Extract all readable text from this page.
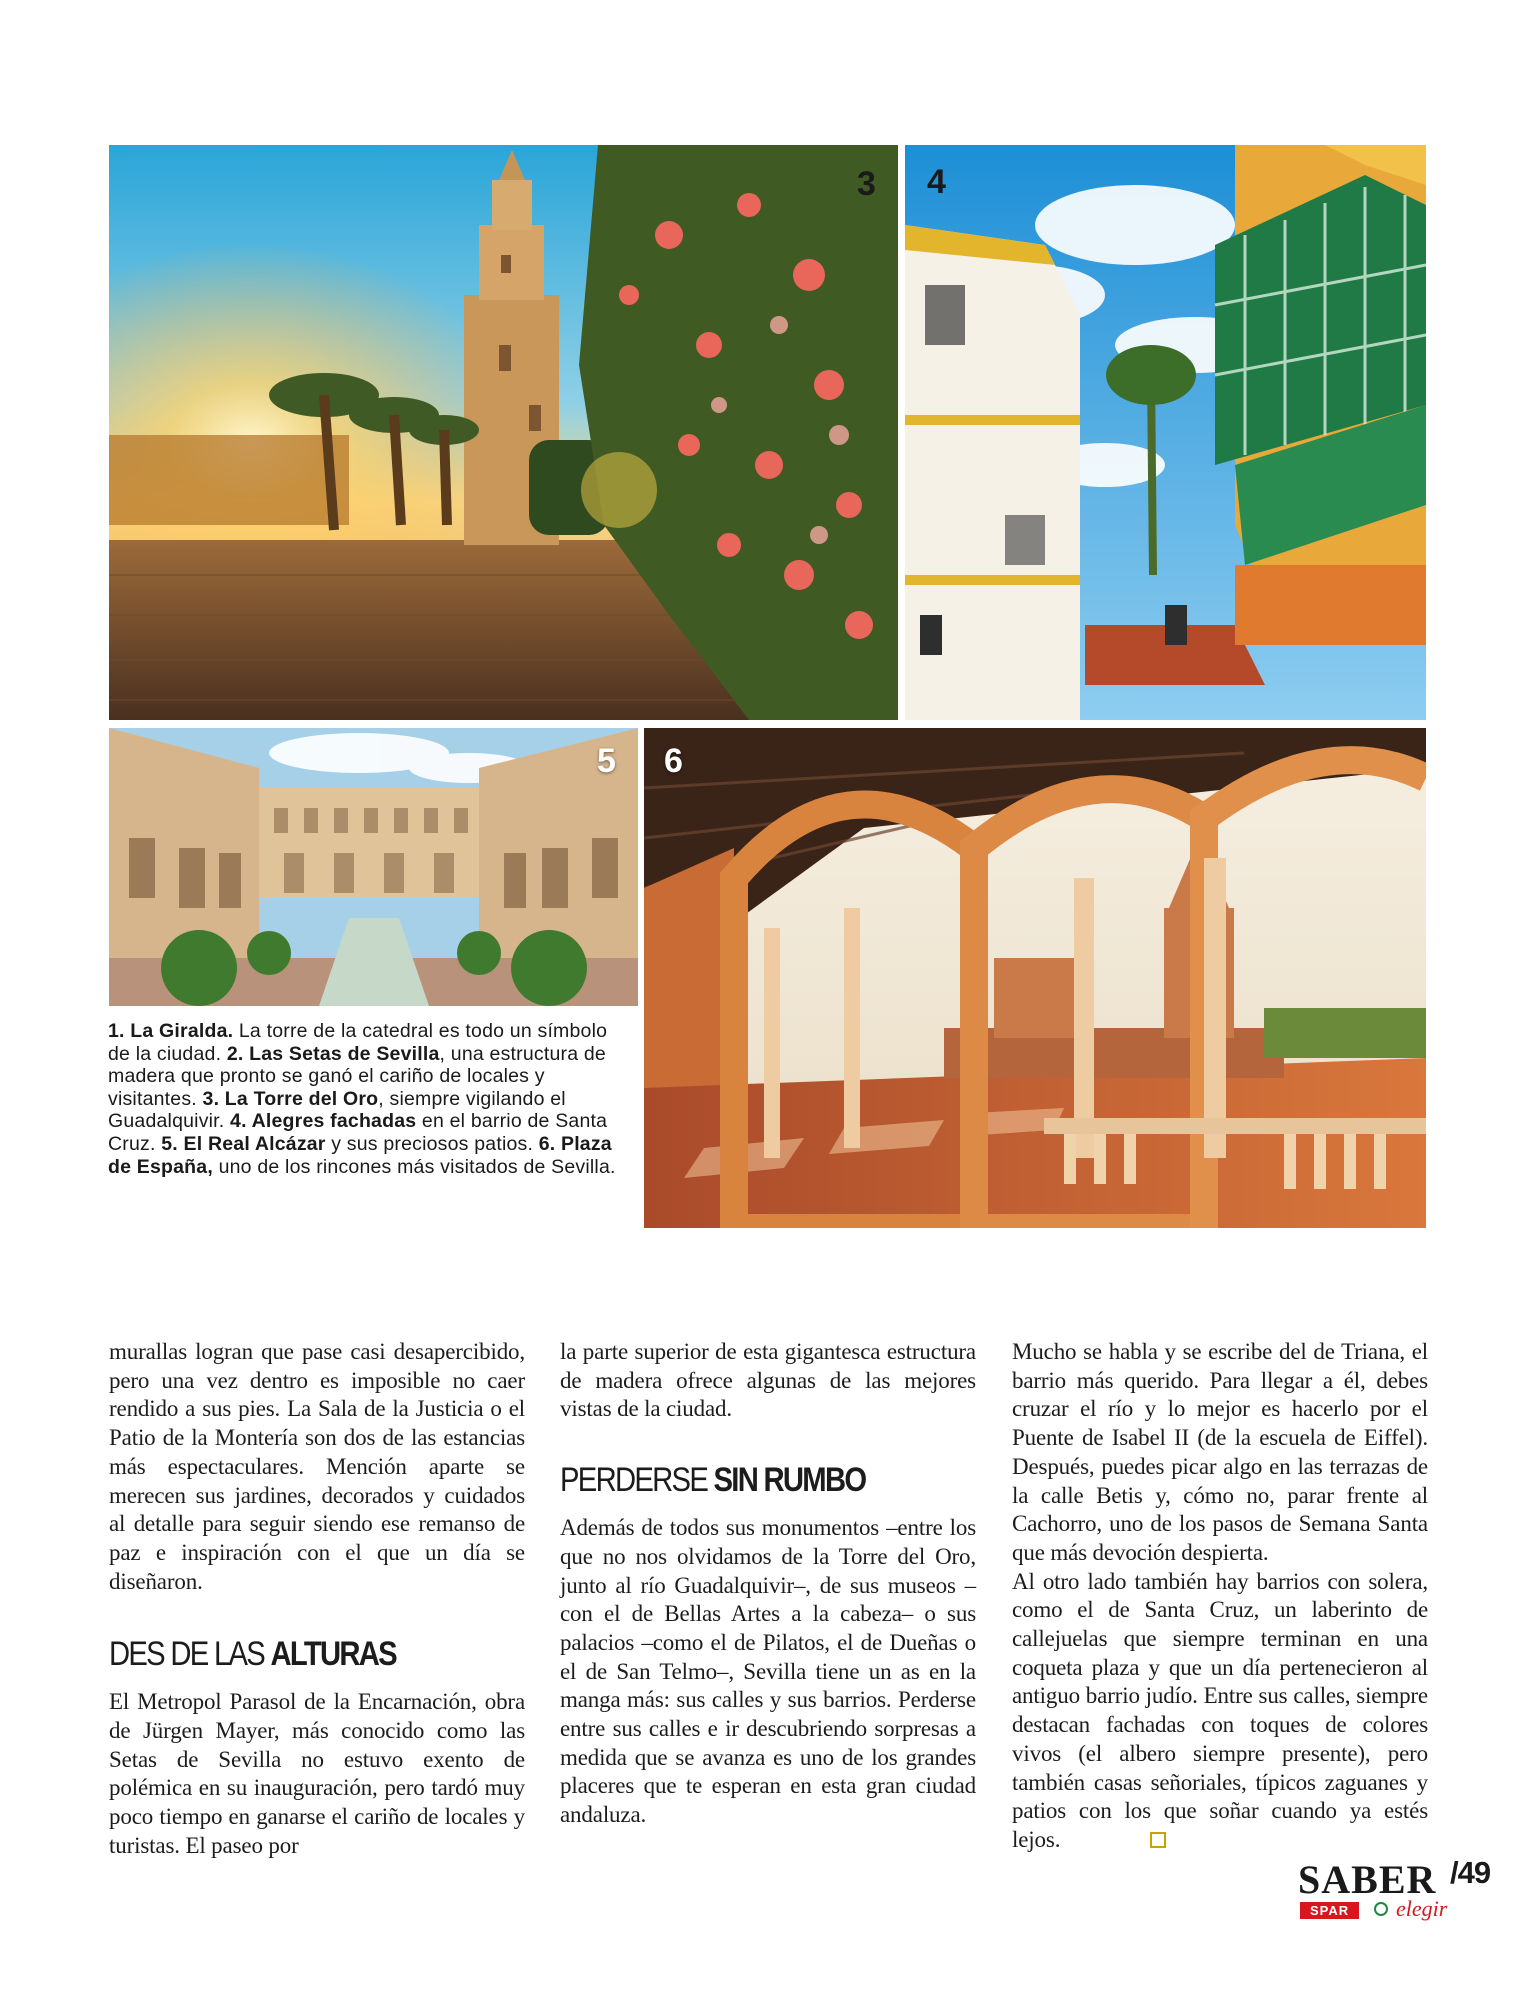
3 4
5 6
1. La Giralda. La torre de la catedral es todo un símbolo de la ciudad. 2. Las Setas de Sevilla, una estructura de madera que pronto se ganó el cariño de locales y visitantes. 3. La Torre del Oro, siempre vigilando el Guadalquivir. 4. Alegres fachadas en el barrio de Santa Cruz. 5. El Real Alcázar y sus preciosos patios. 6. Plaza de España, uno de los rincones más visitados de Sevilla.

murallas logran que pase casi desapercibido, pero una vez dentro es imposible no caer rendido a sus pies. La Sala de la Justicia o el Patio de la Montería son dos de las estancias más espectaculares. Mención aparte se merecen sus jardines, decorados y cuidados al detalle para seguir siendo ese remanso de paz e inspiración con el que un día se diseñaron.

DES DE LAS ALTURAS

El Metropol Parasol de la Encarnación, obra de Jürgen Mayer, más conocido como las Setas de Sevilla no estuvo exento de polémica en su inauguración, pero tardó muy poco tiempo en ganarse el cariño de locales y turistas. El paseo por

la parte superior de esta gigantesca estructura de madera ofrece algunas de las mejores vistas de la ciudad.

PERDERSE SIN RUMBO

Además de todos sus monumentos –entre los que no nos olvidamos de la Torre del Oro, junto al río Guadalquivir–, de sus museos –con el de Bellas Artes a la cabeza– o sus palacios –como el de Pilatos, el de Dueñas o el de San Telmo–, Sevilla tiene un as en la manga más: sus calles y sus barrios. Perderse entre sus calles e ir descubriendo sorpresas a medida que se avanza es uno de los grandes placeres que te esperan en esta gran ciudad andaluza.

Mucho se habla y se escribe del de Triana, el barrio más querido. Para llegar a él, debes cruzar el río y lo mejor es hacerlo por el Puente de Isabel II (de la escuela de Eiffel). Después, puedes picar algo en las terrazas de la calle Betis y, cómo no, parar frente al Cachorro, uno de los pasos de Semana Santa que más devoción despierta.

Al otro lado también hay barrios con solera, como el de Santa Cruz, un laberinto de callejuelas que siempre terminan en una coqueta plaza y que un día pertenecieron al antiguo barrio judío. Entre sus calles, siempre destacan fachadas con toques de colores vivos (el albero siempre presente), pero también casas señoriales, típicos zaguanes y patios con los que soñar cuando ya estés lejos.

SABER
SPAR	elegir
/49
